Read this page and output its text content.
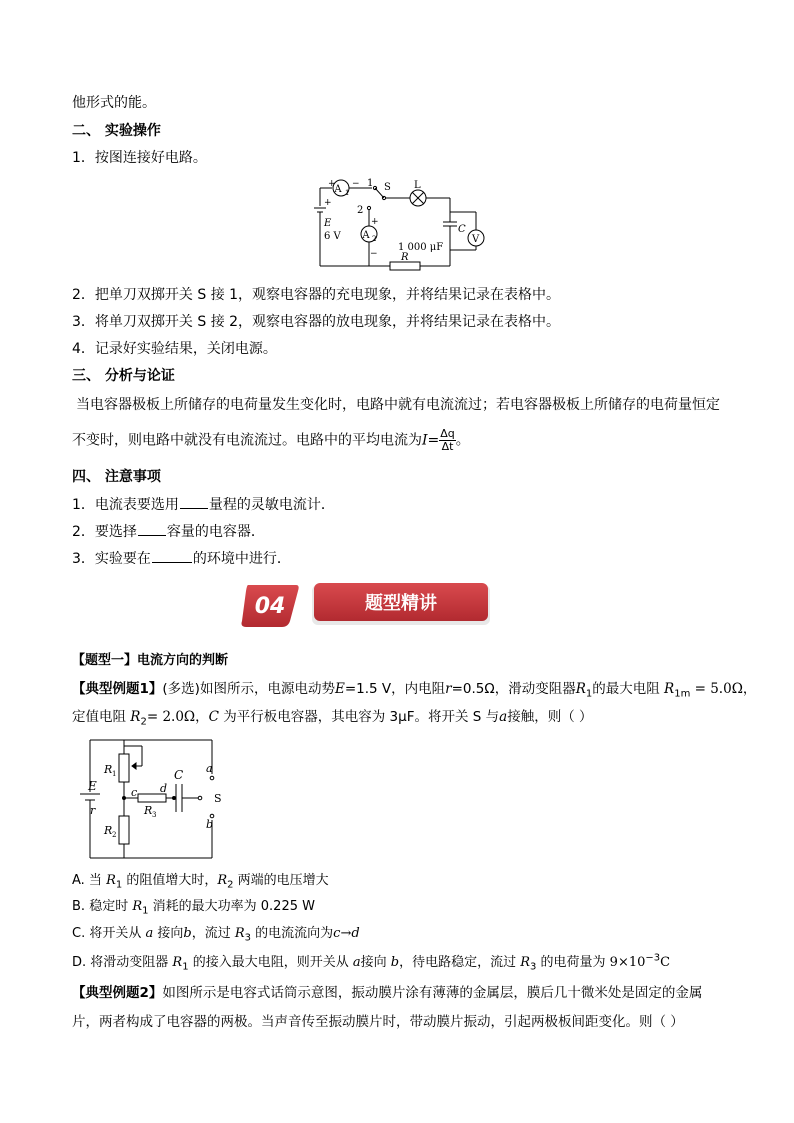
他形式的能。
二、 实验操作
1．按图连接好电路。
A 1
A 2
+ −
+
−
+
1
2
S L
E
6 V
C
1 000 μF
V
R
2．把单刀双掷开关 S 接 1，观察电容器的充电现象，并将结果记录在表格中。
3．将单刀双掷开关 S 接 2，观察电容器的放电现象，并将结果记录在表格中。
4．记录好实验结果，关闭电源。
三、 分析与论证
当电容器极板上所储存的电荷量发生变化时，电路中就有电流流过；若电容器极板上所储存的电荷量恒定
不变时，则电路中就没有电流流过。电路中的平均电流为$I= \frac{\Delta q}{\Delta t}$ 。
四、 注意事项
1．电流表要选用 量程的灵敏电流计．
2．要选择 容量的电容器．
3．实验要在	的环境中进行．
04	题型精讲
【题型一】电流方向的判断
【典型例题1】(多选)如图所示，电源电动势E=1.5 V，内电阻r=0.5Ω，滑动变阻器$R_1$的最大电阻 $R_{1m} = 5.0\Omega$，
定值电阻 $R_2= 2.0\Omega$，C 为平行板电容器，其电容为 3μF。将开关 S 与a接触，则（ ）
R 1
R 2
R 3
E
r
c d
C a
b
S
A. 当 $R_1$ 的阻值增大时，$R_2$ 两端的电压增大
B. 稳定时 $R_1$ 消耗的最大功率为 0.225 W
C. 将开关从 a 接向b，流过 $R_3$ 的电流流向为c→d
D. 将滑动变阻器 $R_1$ 的接入最大电阻，则开关从 a接向 b，待电路稳定，流过 $R_3$ 的电荷量为 $9\times 10^{-3}C$
【典型例题2】如图所示是电容式话筒示意图，振动膜片涂有薄薄的金属层，膜后几十微米处是固定的金属
片，两者构成了电容器的两极。当声音传至振动膜片时，带动膜片振动，引起两极板间距变化。则（ ）
